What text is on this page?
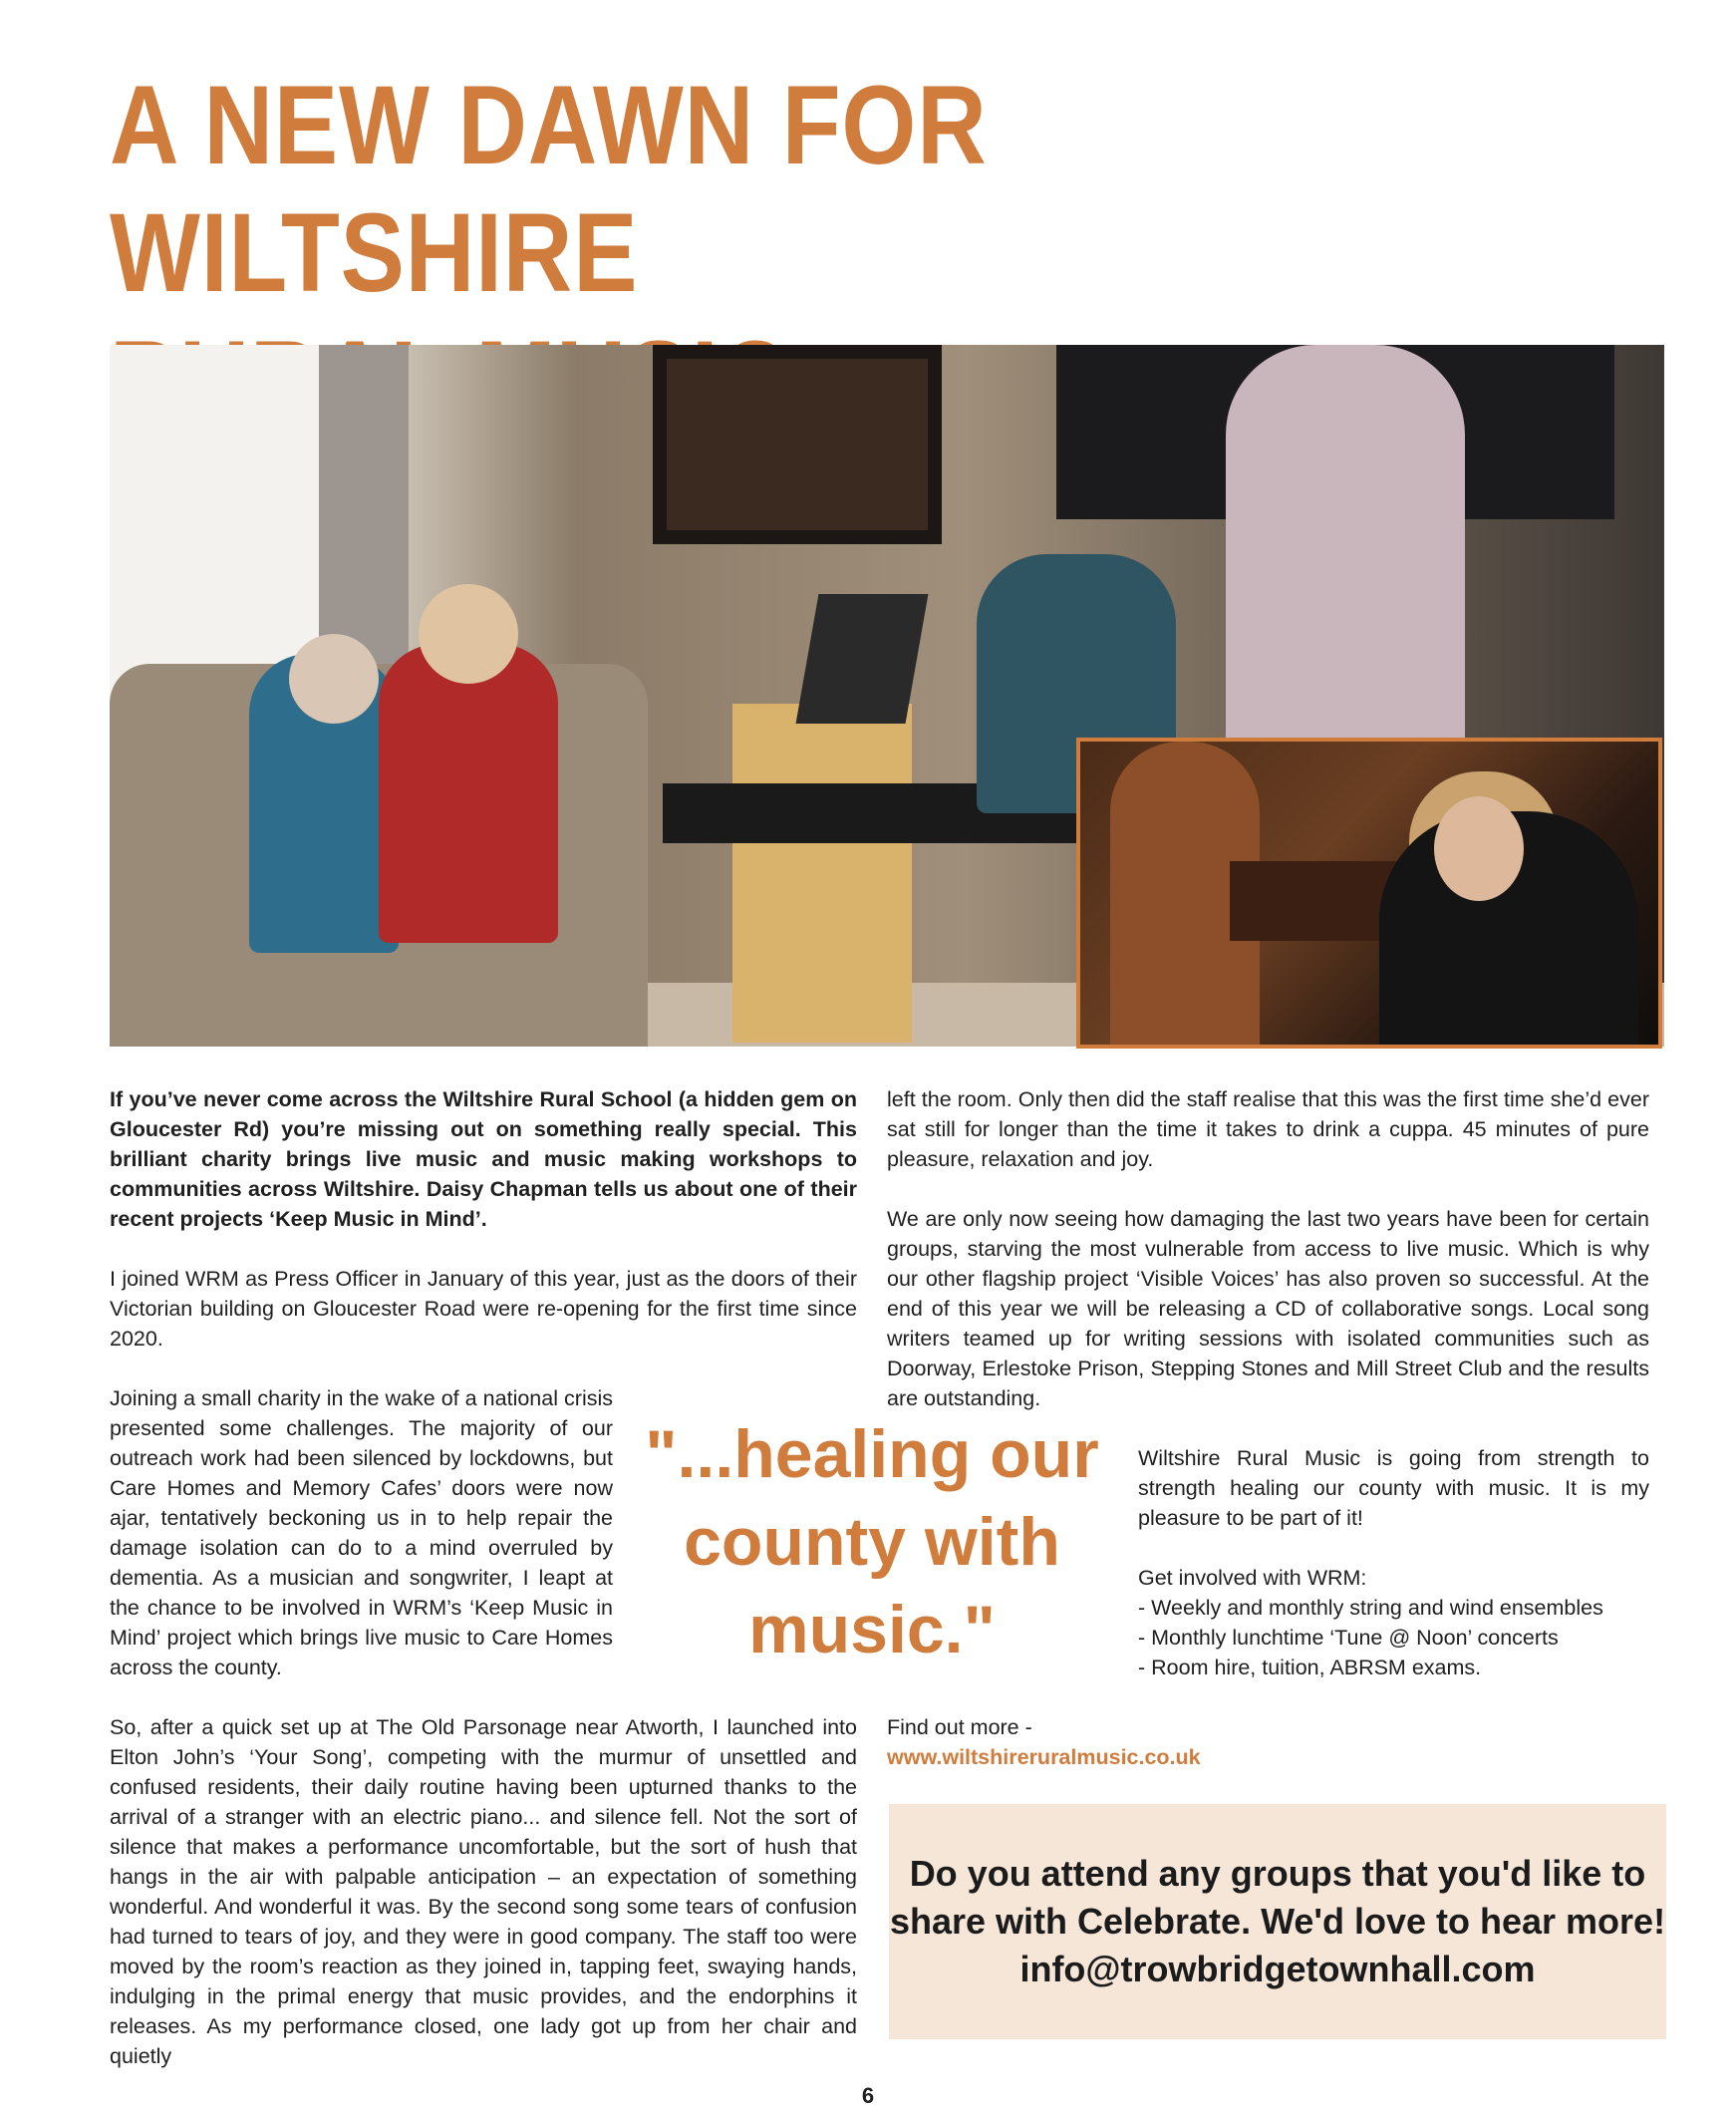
A NEW DAWN FOR WILTSHIRE

If you’ve never come across the Wiltshire Rural School (a hidden gem on Gloucester Rd) you’re missing out on something really special. This brilliant charity brings live music and music making workshops to communities across Wiltshire. Daisy Chapman tells us about one of their recent projects ‘Keep Music in Mind’.

I joined WRM as Press Officer in January of this year, just as the doors of their Victorian building on Gloucester Road were re-opening for the first time since 2020.

Joining a small charity in the wake of a national crisis presented some challenges. The majority of our outreach work had been silenced by lockdowns, but Care Homes and Memory Cafes’ doors were now ajar, tentatively beckoning us in to help repair the damage isolation can do to a mind overruled by dementia. As a musician and songwriter, I leapt at the chance to be involved in WRM’s ‘Keep Music in Mind’ project which brings live music to Care Homes across the county.

"...healing our county with music."

So, after a quick set up at The Old Parsonage near Atworth, I launched into Elton John’s ‘Your Song’, competing with the murmur of unsettled and confused residents, their daily routine having been upturned thanks to the arrival of a stranger with an electric piano... and silence fell. Not the sort of silence that makes a performance uncomfortable, but the sort of hush that hangs in the air with palpable anticipation – an expectation of something wonderful. And wonderful it was. By the second song some tears of confusion had turned to tears of joy, and they were in good company. The staff too were moved by the room’s reaction as they joined in, tapping feet, swaying hands, indulging in the primal energy that music provides, and the endorphins it releases. As my performance closed, one lady got up from her chair and quietly

left the room. Only then did the staff realise that this was the first time she’d ever sat still for longer than the time it takes to drink a cuppa. 45 minutes of pure pleasure, relaxation and joy.

We are only now seeing how damaging the last two years have been for certain groups, starving the most vulnerable from access to live music. Which is why our other flagship project ‘Visible Voices’ has also proven so successful. At the end of this year we will be releasing a CD of collaborative songs. Local song writers teamed up for writing sessions with isolated communities such as Doorway, Erlestoke Prison, Stepping Stones and Mill Street Club and the results are outstanding.

Wiltshire Rural Music is going from strength to strength healing our county with music. It is my pleasure to be part of it!

Get involved with WRM:
- Weekly and monthly string and wind ensembles
- Monthly lunchtime ‘Tune @ Noon’ concerts
- Room hire, tuition, ABRSM exams.
Find out more -
www.wiltshireruralmusic.co.uk
Do you attend any groups that you'd like to
share with Celebrate. We'd love to hear more!
info@trowbridgetownhall.com
6
